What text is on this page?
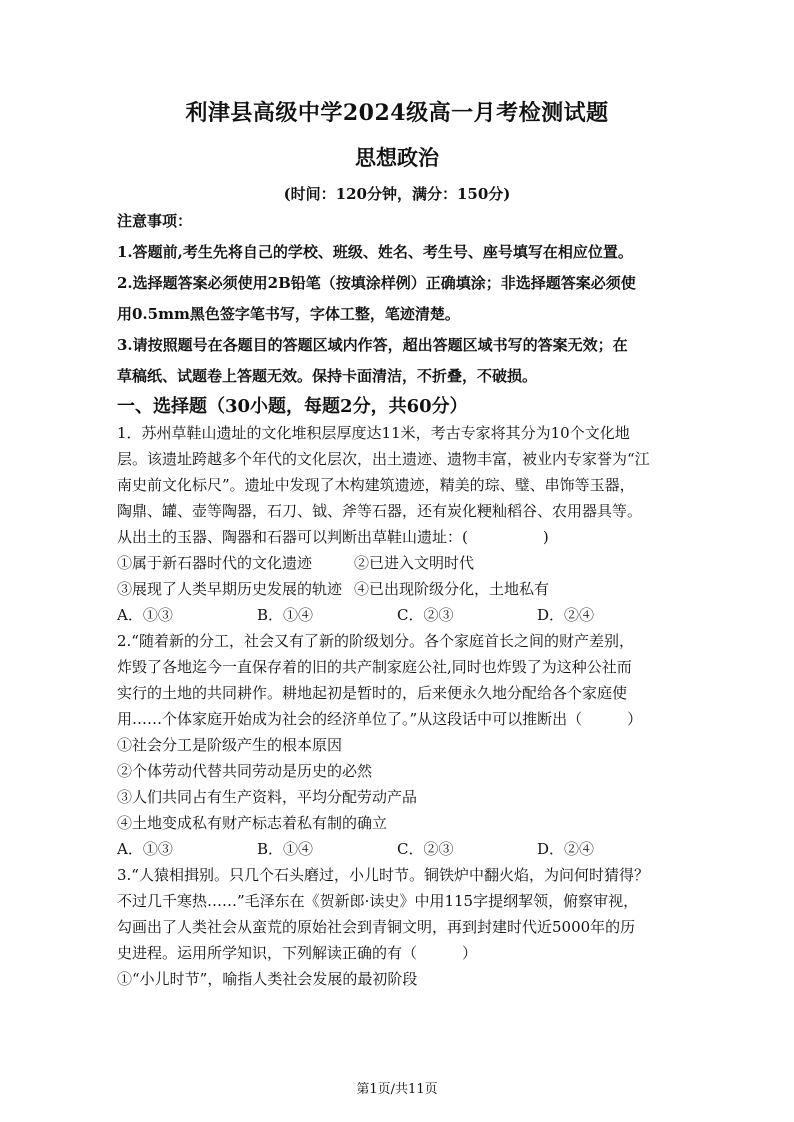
利津县高级中学2024级高一月考检测试题
思想政治
(时间：120分钟，满分：150分)
注意事项：
1.答题前,考生先将自己的学校、班级、姓名、考生号、座号填写在相应位置。
2.选择题答案必须使用2B铅笔（按填涂样例）正确填涂；非选择题答案必须使
用0.5mm黑色签字笔书写，字体工整，笔迹清楚。
3.请按照题号在各题目的答题区域内作答，超出答题区域书写的答案无效；在
草稿纸、试题卷上答题无效。保持卡面清洁，不折叠，不破损。
一、选择题（30小题，每题2分，共60分）
1．苏州草鞋山遗址的文化堆积层厚度达11米，考古专家将其分为10个文化地
层。该遗址跨越多个年代的文化层次，出土遗迹、遗物丰富，被业内专家誉为“江
南史前文化标尺”。遗址中发现了木构建筑遗迹，精美的琮、璧、串饰等玉器，
陶鼎、罐、壶等陶器，石刀、钺、斧等石器，还有炭化粳籼稻谷、农用器具等。
从出土的玉器、陶器和石器可以判断出草鞋山遗址：(　　　　　)
①属于新石器时代的文化遗迹	②已进入文明时代
③展现了人类早期历史发展的轨迹 ④已出现阶级分化，土地私有
A．①③	B．①④	C．②③	D．②④
2.“随着新的分工，社会又有了新的阶级划分。各个家庭首长之间的财产差别，
炸毁了各地迄今一直保存着的旧的共产制家庭公社,同时也炸毁了为这种公社而
实行的土地的共同耕作。耕地起初是暂时的，后来便永久地分配给各个家庭使
用……个体家庭开始成为社会的经济单位了。”从这段话中可以推断出（　　　）
①社会分工是阶级产生的根本原因
②个体劳动代替共同劳动是历史的必然
③人们共同占有生产资料，平均分配劳动产品
④土地变成私有财产标志着私有制的确立
A．①③	B．①④	C．②③	D．②④
3.“人猿相揖别。只几个石头磨过，小儿时节。铜铁炉中翻火焰，为问何时猜得？
不过几千寒热……”毛泽东在《贺新郎·读史》中用115字提纲挈领，俯察审视，
勾画出了人类社会从蛮荒的原始社会到青铜文明，再到封建时代近5000年的历
史进程。运用所学知识，下列解读正确的有（　　　）
①“小儿时节”，喻指人类社会发展的最初阶段
第1页/共11页
